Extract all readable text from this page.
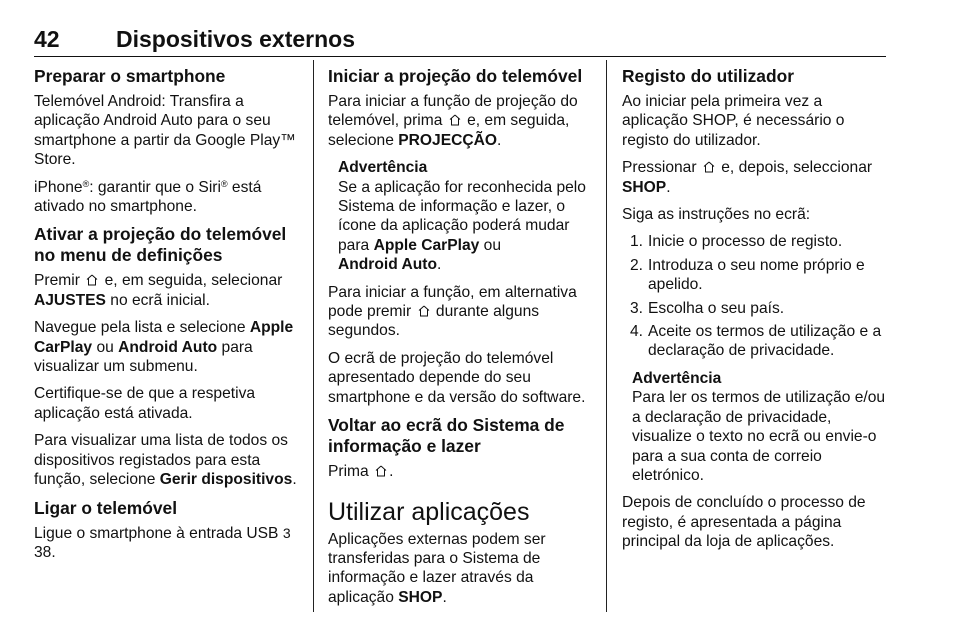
42 Dispositivos externos
Preparar o smartphone

Telemóvel Android: Transfira a aplicação Android Auto para o seu smartphone a partir da Google Play™ Store.

iPhone®: garantir que o Siri® está ativado no smartphone.

Ativar a projeção do telemóvel no menu de definições

Premir e, em seguida, selecionar AJUSTES no ecrã inicial.

Navegue pela lista e selecione Apple CarPlay ou Android Auto para visualizar um submenu.

Certifique-se de que a respetiva aplicação está ativada.

Para visualizar uma lista de todos os dispositivos registados para esta função, selecione Gerir dispositivos.

Ligar o telemóvel

Ligue o smartphone à entrada USB 3 38.

Iniciar a projeção do telemóvel

Para iniciar a função de projeção do telemóvel, prima e, em seguida, selecione PROJECÇÃO.

Advertência
Se a aplicação for reconhecida pelo Sistema de informação e lazer, o ícone da aplicação poderá mudar para Apple CarPlay ou
Android Auto.

Para iniciar a função, em alternativa pode premir durante alguns segundos.

O ecrã de projeção do telemóvel apresentado depende do seu smartphone e da versão do software.

Voltar ao ecrã do Sistema de informação e lazer

Prima .

Utilizar aplicações

Aplicações externas podem ser transferidas para o Sistema de informação e lazer através da aplicação SHOP.

Registo do utilizador

Ao iniciar pela primeira vez a aplicação SHOP, é necessário o registo do utilizador.

Pressionar e, depois, seleccionar
SHOP.

Siga as instruções no ecrã:

1. Inicie o processo de registo.
2. Introduza o seu nome próprio e apelido.
3. Escolha o seu país.
4. Aceite os termos de utilização e a declaração de privacidade.
Advertência
Para ler os termos de utilização e/ou a declaração de privacidade, visualize o texto no ecrã ou envie-o para a sua conta de correio eletrónico.

Depois de concluído o processo de registo, é apresentada a página principal da loja de aplicações.
